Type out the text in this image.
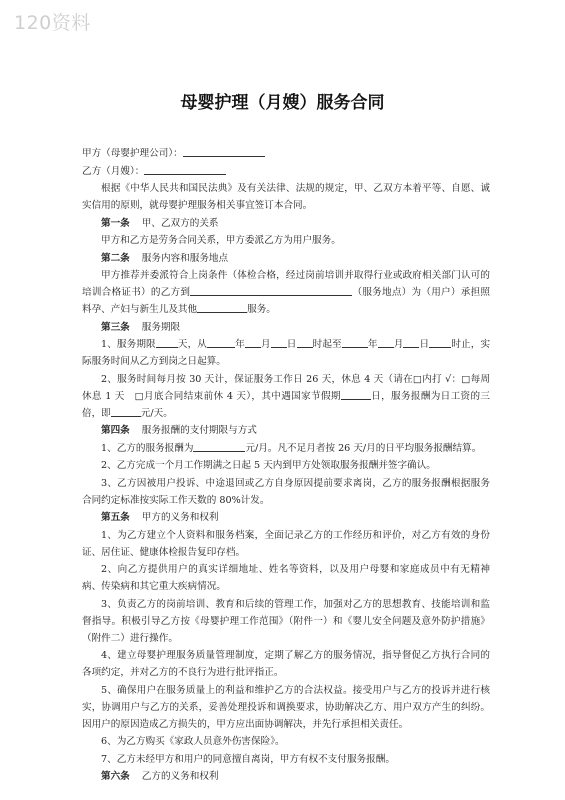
120资料
母婴护理（月嫂）服务合同

甲方（母婴护理公司）：

乙方（月嫂）：

根据《中华人民共和国民法典》及有关法律、法规的规定，甲、乙双方本着平等、自愿、诚实信用的原则，就母婴护理服务相关事宜签订本合同。

第一条 甲、乙双方的关系

甲方和乙方是劳务合同关系，甲方委派乙方为用户服务。

第二条 服务内容和服务地点

甲方推荐并委派符合上岗条件（体检合格，经过岗前培训并取得行业或政府相关部门认可的培训合格证书）的乙方到	（服务地点）为（用户）承担照料孕、产妇与新生儿及其他	服务。

第三条 服务期限

1、服务期限 天，从	年 月 日 时起至	年 月 日 时止，实际服务时间从乙方到岗之日起算。

2、服务时间每月按 30 天计，保证服务工作日 26 天，休息 4 天（请在□内打 √：□每周休息 1 天　□月底合同结束前休 4 天），其中遇国家节假期	日，服务报酬为日工资的三倍，即	元/天。

第四条 服务报酬的支付期限与方式

1、乙方的服务报酬为	元/月。凡不足月者按 26 天/月的日平均服务报酬结算。

2、乙方完成一个月工作期满之日起 5 天内到甲方处领取服务报酬并签字确认。

3、乙方因被用户投诉、中途退回或乙方自身原因提前要求离岗，乙方的服务报酬根据服务合同约定标准按实际工作天数的 80%计发。

第五条 甲方的义务和权利

1、为乙方建立个人资料和服务档案，全面记录乙方的工作经历和评价，对乙方有效的身份证、居住证、健康体检报告复印存档。

2、向乙方提供用户的真实详细地址、姓名等资料，以及用户母婴和家庭成员中有无精神病、传染病和其它重大疾病情况。

3、负责乙方的岗前培训、教育和后续的管理工作，加强对乙方的思想教育、技能培训和监督指导。积极引导乙方按《母婴护理工作范围》（附件一）和《婴儿安全问题及意外防护措施》（附件二）进行操作。

4、建立母婴护理服务质量管理制度，定期了解乙方的服务情况，指导督促乙方执行合同的各项约定，并对乙方的不良行为进行批评指正。

5、确保用户在服务质量上的利益和维护乙方的合法权益。接受用户与乙方的投诉并进行核实，协调用户与乙方的关系，妥善处理投诉和调换要求，协助解决乙方、用户双方产生的纠纷。因用户的原因造成乙方损失的，甲方应出面协调解决，并先行承担相关责任。

6、为乙方购买《家政人员意外伤害保险》。

7、乙方未经甲方和用户的同意擅自离岗，甲方有权不支付服务报酬。

第六条 乙方的义务和权利
